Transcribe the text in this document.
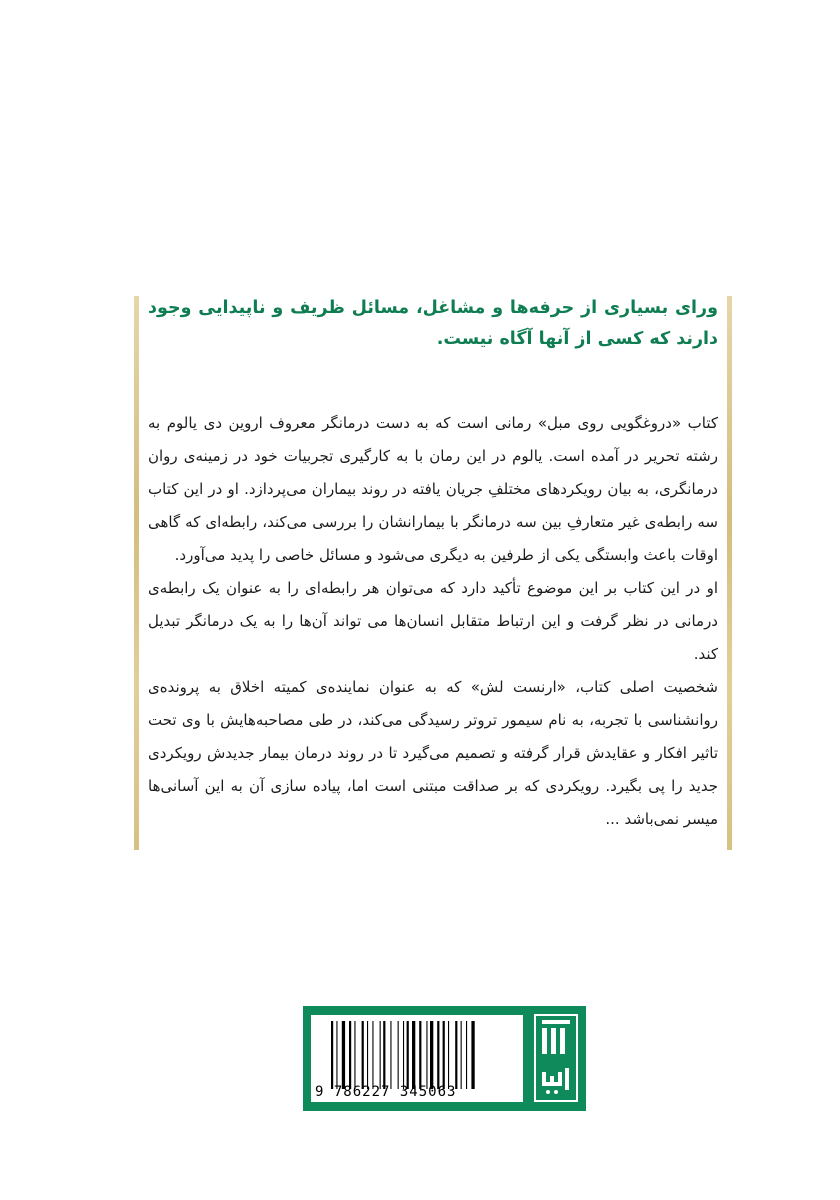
ورای بسیاری از حرفه‌ها و مشاغل، مسائل ظریف و ناپیدایی وجود دارند که کسی از آنها آگاه نیست.

کتاب «دروغگویی روی مبل» رمانی است که به دست درمانگر معروف اروین دی یالوم به رشته تحریر در آمده است. یالوم در این رمان با به کارگیری تجربیات خود در زمینه‌ی روان درمانگری، به بیان رویکردهای مختلفِ جریان یافته در روند بیماران می‌پردازد. او در این کتاب سه رابطه‌ی غیر متعارفِ بین سه درمانگر با بیمارانشان را بررسی می‌کند، رابطه‌ای که گاهی اوقات باعث وابستگی یکی از طرفین به دیگری می‌شود و مسائل خاصی را پدید می‌آورد.

او در این کتاب بر این موضوع تأکید دارد که می‌توان هر رابطه‌ای را به عنوان یک رابطه‌ی درمانی در نظر گرفت و این ارتباط متقابل انسان‌ها می تواند آن‌ها را به یک درمانگر تبدیل کند.

شخصیت اصلی کتاب، «ارنست لش» که به عنوان نماینده‌ی کمیته اخلاق به پرونده‌ی روانشناسی با تجربه، به نام سیمور تروتر رسیدگی می‌کند، در طی مصاحبه‌هایش با وی تحت تاثیر افکار و عقایدش قرار گرفته و تصمیم می‌گیرد تا در روند درمان بیمار جدیدش رویکردی جدید را پی بگیرد. رویکردی که بر صداقت مبتنی است اما، پیاده سازی آن به این آسانی‌ها میسر نمی‌باشد ...

9 786227 345063
